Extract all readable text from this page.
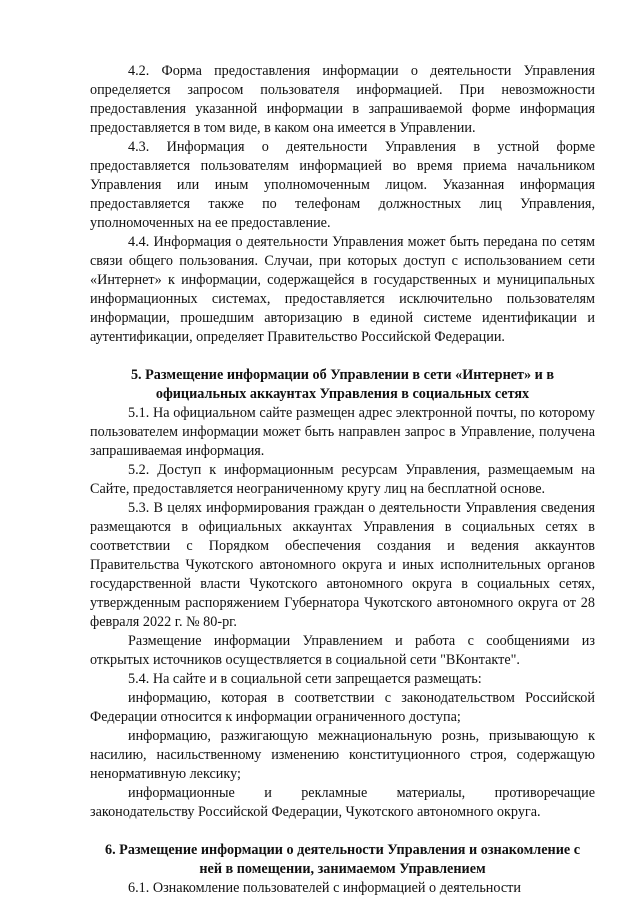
4.2. Форма предоставления информации о деятельности Управления определяется запросом пользователя информацией. При невозможности предоставления указанной информации в запрашиваемой форме информация предоставляется в том виде, в каком она имеется в Управлении.

4.3. Информация о деятельности Управления в устной форме предоставляется пользователям информацией во время приема начальником Управления или иным уполномоченным лицом. Указанная информация предоставляется также по телефонам должностных лиц Управления, уполномоченных на ее предоставление.

4.4. Информация о деятельности Управления может быть передана по сетям связи общего пользования. Случаи, при которых доступ с использованием сети «Интернет» к информации, содержащейся в государственных и муниципальных информационных системах, предоставляется исключительно пользователям информации, прошедшим авторизацию в единой системе идентификации и аутентификации, определяет Правительство Российской Федерации.

5. Размещение информации об Управлении в сети «Интернет» и в официальных аккаунтах Управления в социальных сетях

5.1. На официальном сайте размещен адрес электронной почты, по которому пользователем информации может быть направлен запрос в Управление, получена запрашиваемая информация.

5.2. Доступ к информационным ресурсам Управления, размещаемым на Сайте, предоставляется неограниченному кругу лиц на бесплатной основе.

5.3. В целях информирования граждан о деятельности Управления сведения размещаются в официальных аккаунтах Управления в социальных сетях в соответствии с Порядком обеспечения создания и ведения аккаунтов Правительства Чукотского автономного округа и иных исполнительных органов государственной власти Чукотского автономного округа в социальных сетях, утвержденным распоряжением Губернатора Чукотского автономного округа от 28 февраля 2022 г. № 80-рг.

Размещение информации Управлением и работа с сообщениями из открытых источников осуществляется в социальной сети "ВКонтакте".

5.4. На сайте и в социальной сети запрещается размещать:

информацию, которая в соответствии с законодательством Российской Федерации относится к информации ограниченного доступа;

информацию, разжигающую межнациональную рознь, призывающую к насилию, насильственному изменению конституционного строя, содержащую ненормативную лексику;

информационные и рекламные материалы, противоречащие законодательству Российской Федерации, Чукотского автономного округа.

6. Размещение информации о деятельности Управления и ознакомление с ней в помещении, занимаемом Управлением

6.1. Ознакомление пользователей с информацией о деятельности
